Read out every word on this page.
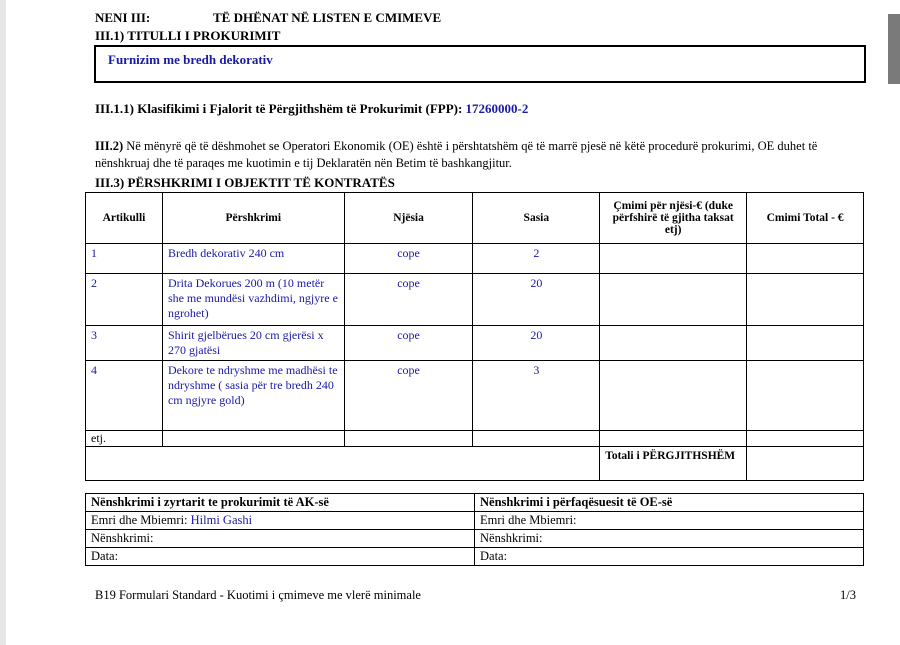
NENI III:	TË DHËNAT NË LISTEN E CMIMEVE
III.1) TITULLI I PROKURIMIT
Furnizim me bredh dekorativ
III.1.1) Klasifikimi i Fjalorit të Përgjithshëm të Prokurimit (FPP): 17260000-2
III.2) Në mënyrë që të dëshmohet se Operatori Ekonomik (OE) është i përshtatshëm që të marrë pjesë në këtë procedurë prokurimi, OE duhet të nënshkruaj dhe të paraqes me kuotimin e tij Deklaratën nën Betim të bashkangjitur.
III.3) PËRSHKRIMI I OBJEKTIT TË KONTRATËS
Artikulli	Përshkrimi	Njësia	Sasia	Çmimi për njësi-€ (duke përfshirë të gjitha taksat etj)	Cmimi Total - €
1	Bredh dekorativ 240 cm	cope	2		
2	Drita Dekorues 200 m (10 metër she me mundësi vazhdimi, ngjyre e ngrohet)	cope	20		
3	Shirit gjelbërues 20 cm gjerësi x 270 gjatësi	cope	20		
4	Dekore te ndryshme me madhësi te ndryshme ( sasia për tre bredh 240 cm ngjyre gold)	cope	3		
etj.					
				Totali i PËRGJITHSHËM	
Nënshkrimi i zyrtarit te prokurimit të AK-së	Nënshkrimi i përfaqësuesit të OE-së
Emri dhe Mbiemri: Hilmi Gashi	Emri dhe Mbiemri:
Nënshkrimi:	Nënshkrimi:
Data:	Data:
B19 Formulari Standard - Kuotimi i çmimeve me vlerë minimale	1/3
